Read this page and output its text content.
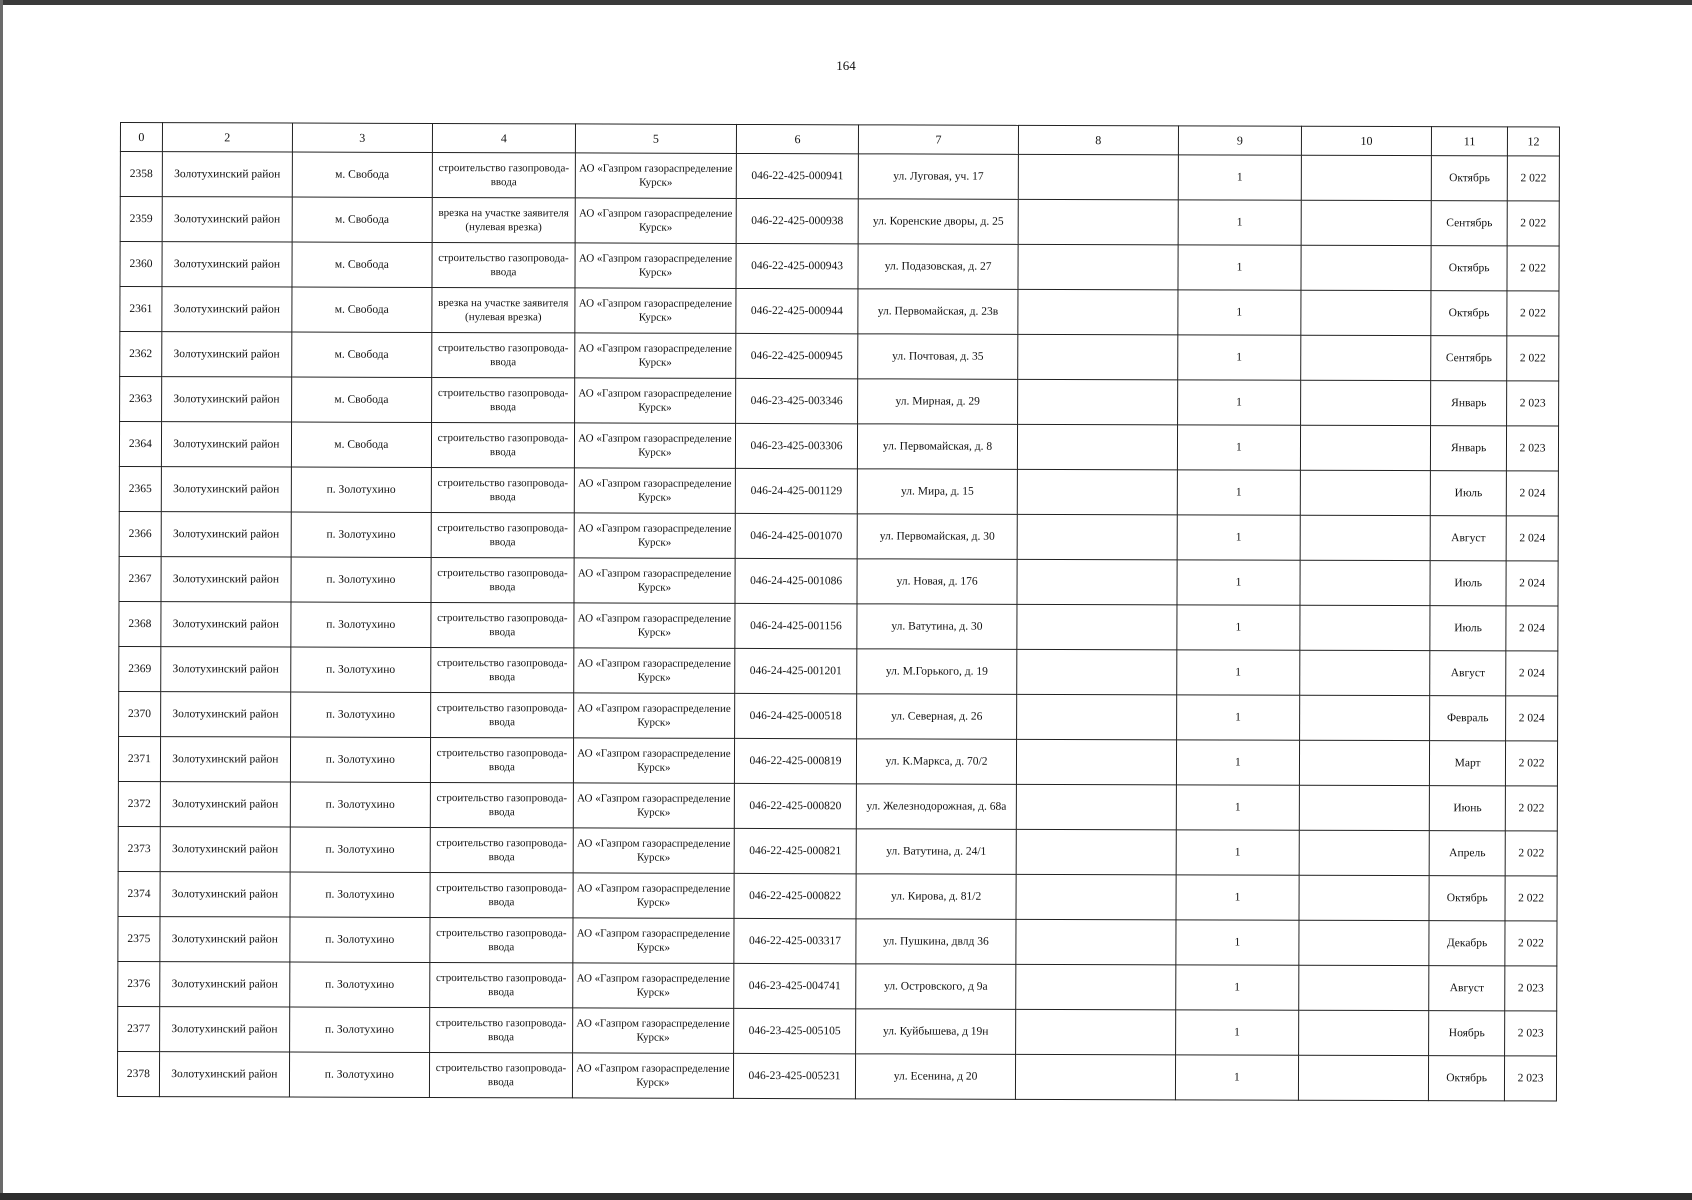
164
0	2	3	4	5	6	7	8	9	10	11	12
2358	Золотухинский район	м. Свобода	строительство газопровода-ввода	АО «Газпром газораспределение Курск»	046-22-425-000941	ул. Луговая, уч. 17		1		Октябрь	2 022
2359	Золотухинский район	м. Свобода	врезка на участке заявителя (нулевая врезка)	АО «Газпром газораспределение Курск»	046-22-425-000938	ул. Коренские дворы, д. 25		1		Сентябрь	2 022
2360	Золотухинский район	м. Свобода	строительство газопровода-ввода	АО «Газпром газораспределение Курск»	046-22-425-000943	ул. Подазовская, д. 27		1		Октябрь	2 022
2361	Золотухинский район	м. Свобода	врезка на участке заявителя (нулевая врезка)	АО «Газпром газораспределение Курск»	046-22-425-000944	ул. Первомайская, д. 23в		1		Октябрь	2 022
2362	Золотухинский район	м. Свобода	строительство газопровода-ввода	АО «Газпром газораспределение Курск»	046-22-425-000945	ул. Почтовая, д. 35		1		Сентябрь	2 022
2363	Золотухинский район	м. Свобода	строительство газопровода-ввода	АО «Газпром газораспределение Курск»	046-23-425-003346	ул. Мирная, д. 29		1		Январь	2 023
2364	Золотухинский район	м. Свобода	строительство газопровода-ввода	АО «Газпром газораспределение Курск»	046-23-425-003306	ул. Первомайская, д. 8		1		Январь	2 023
2365	Золотухинский район	п. Золотухино	строительство газопровода-ввода	АО «Газпром газораспределение Курск»	046-24-425-001129	ул. Мира, д. 15		1		Июль	2 024
2366	Золотухинский район	п. Золотухино	строительство газопровода-ввода	АО «Газпром газораспределение Курск»	046-24-425-001070	ул. Первомайская, д. 30		1		Август	2 024
2367	Золотухинский район	п. Золотухино	строительство газопровода-ввода	АО «Газпром газораспределение Курск»	046-24-425-001086	ул. Новая, д. 176		1		Июль	2 024
2368	Золотухинский район	п. Золотухино	строительство газопровода-ввода	АО «Газпром газораспределение Курск»	046-24-425-001156	ул. Ватутина, д. 30		1		Июль	2 024
2369	Золотухинский район	п. Золотухино	строительство газопровода-ввода	АО «Газпром газораспределение Курск»	046-24-425-001201	ул. М.Горького, д. 19		1		Август	2 024
2370	Золотухинский район	п. Золотухино	строительство газопровода-ввода	АО «Газпром газораспределение Курск»	046-24-425-000518	ул. Северная, д. 26		1		Февраль	2 024
2371	Золотухинский район	п. Золотухино	строительство газопровода-ввода	АО «Газпром газораспределение Курск»	046-22-425-000819	ул. К.Маркса, д. 70/2		1		Март	2 022
2372	Золотухинский район	п. Золотухино	строительство газопровода-ввода	АО «Газпром газораспределение Курск»	046-22-425-000820	ул. Железнодорожная, д. 68а		1		Июнь	2 022
2373	Золотухинский район	п. Золотухино	строительство газопровода-ввода	АО «Газпром газораспределение Курск»	046-22-425-000821	ул. Ватутина, д. 24/1		1		Апрель	2 022
2374	Золотухинский район	п. Золотухино	строительство газопровода-ввода	АО «Газпром газораспределение Курск»	046-22-425-000822	ул. Кирова, д. 81/2		1		Октябрь	2 022
2375	Золотухинский район	п. Золотухино	строительство газопровода-ввода	АО «Газпром газораспределение Курск»	046-22-425-003317	ул. Пушкина, двлд 36		1		Декабрь	2 022
2376	Золотухинский район	п. Золотухино	строительство газопровода-ввода	АО «Газпром газораспределение Курск»	046-23-425-004741	ул. Островского, д 9а		1		Август	2 023
2377	Золотухинский район	п. Золотухино	строительство газопровода-ввода	АО «Газпром газораспределение Курск»	046-23-425-005105	ул. Куйбышева, д 19н		1		Ноябрь	2 023
2378	Золотухинский район	п. Золотухино	строительство газопровода-ввода	АО «Газпром газораспределение Курск»	046-23-425-005231	ул. Есенина, д 20		1		Октябрь	2 023
